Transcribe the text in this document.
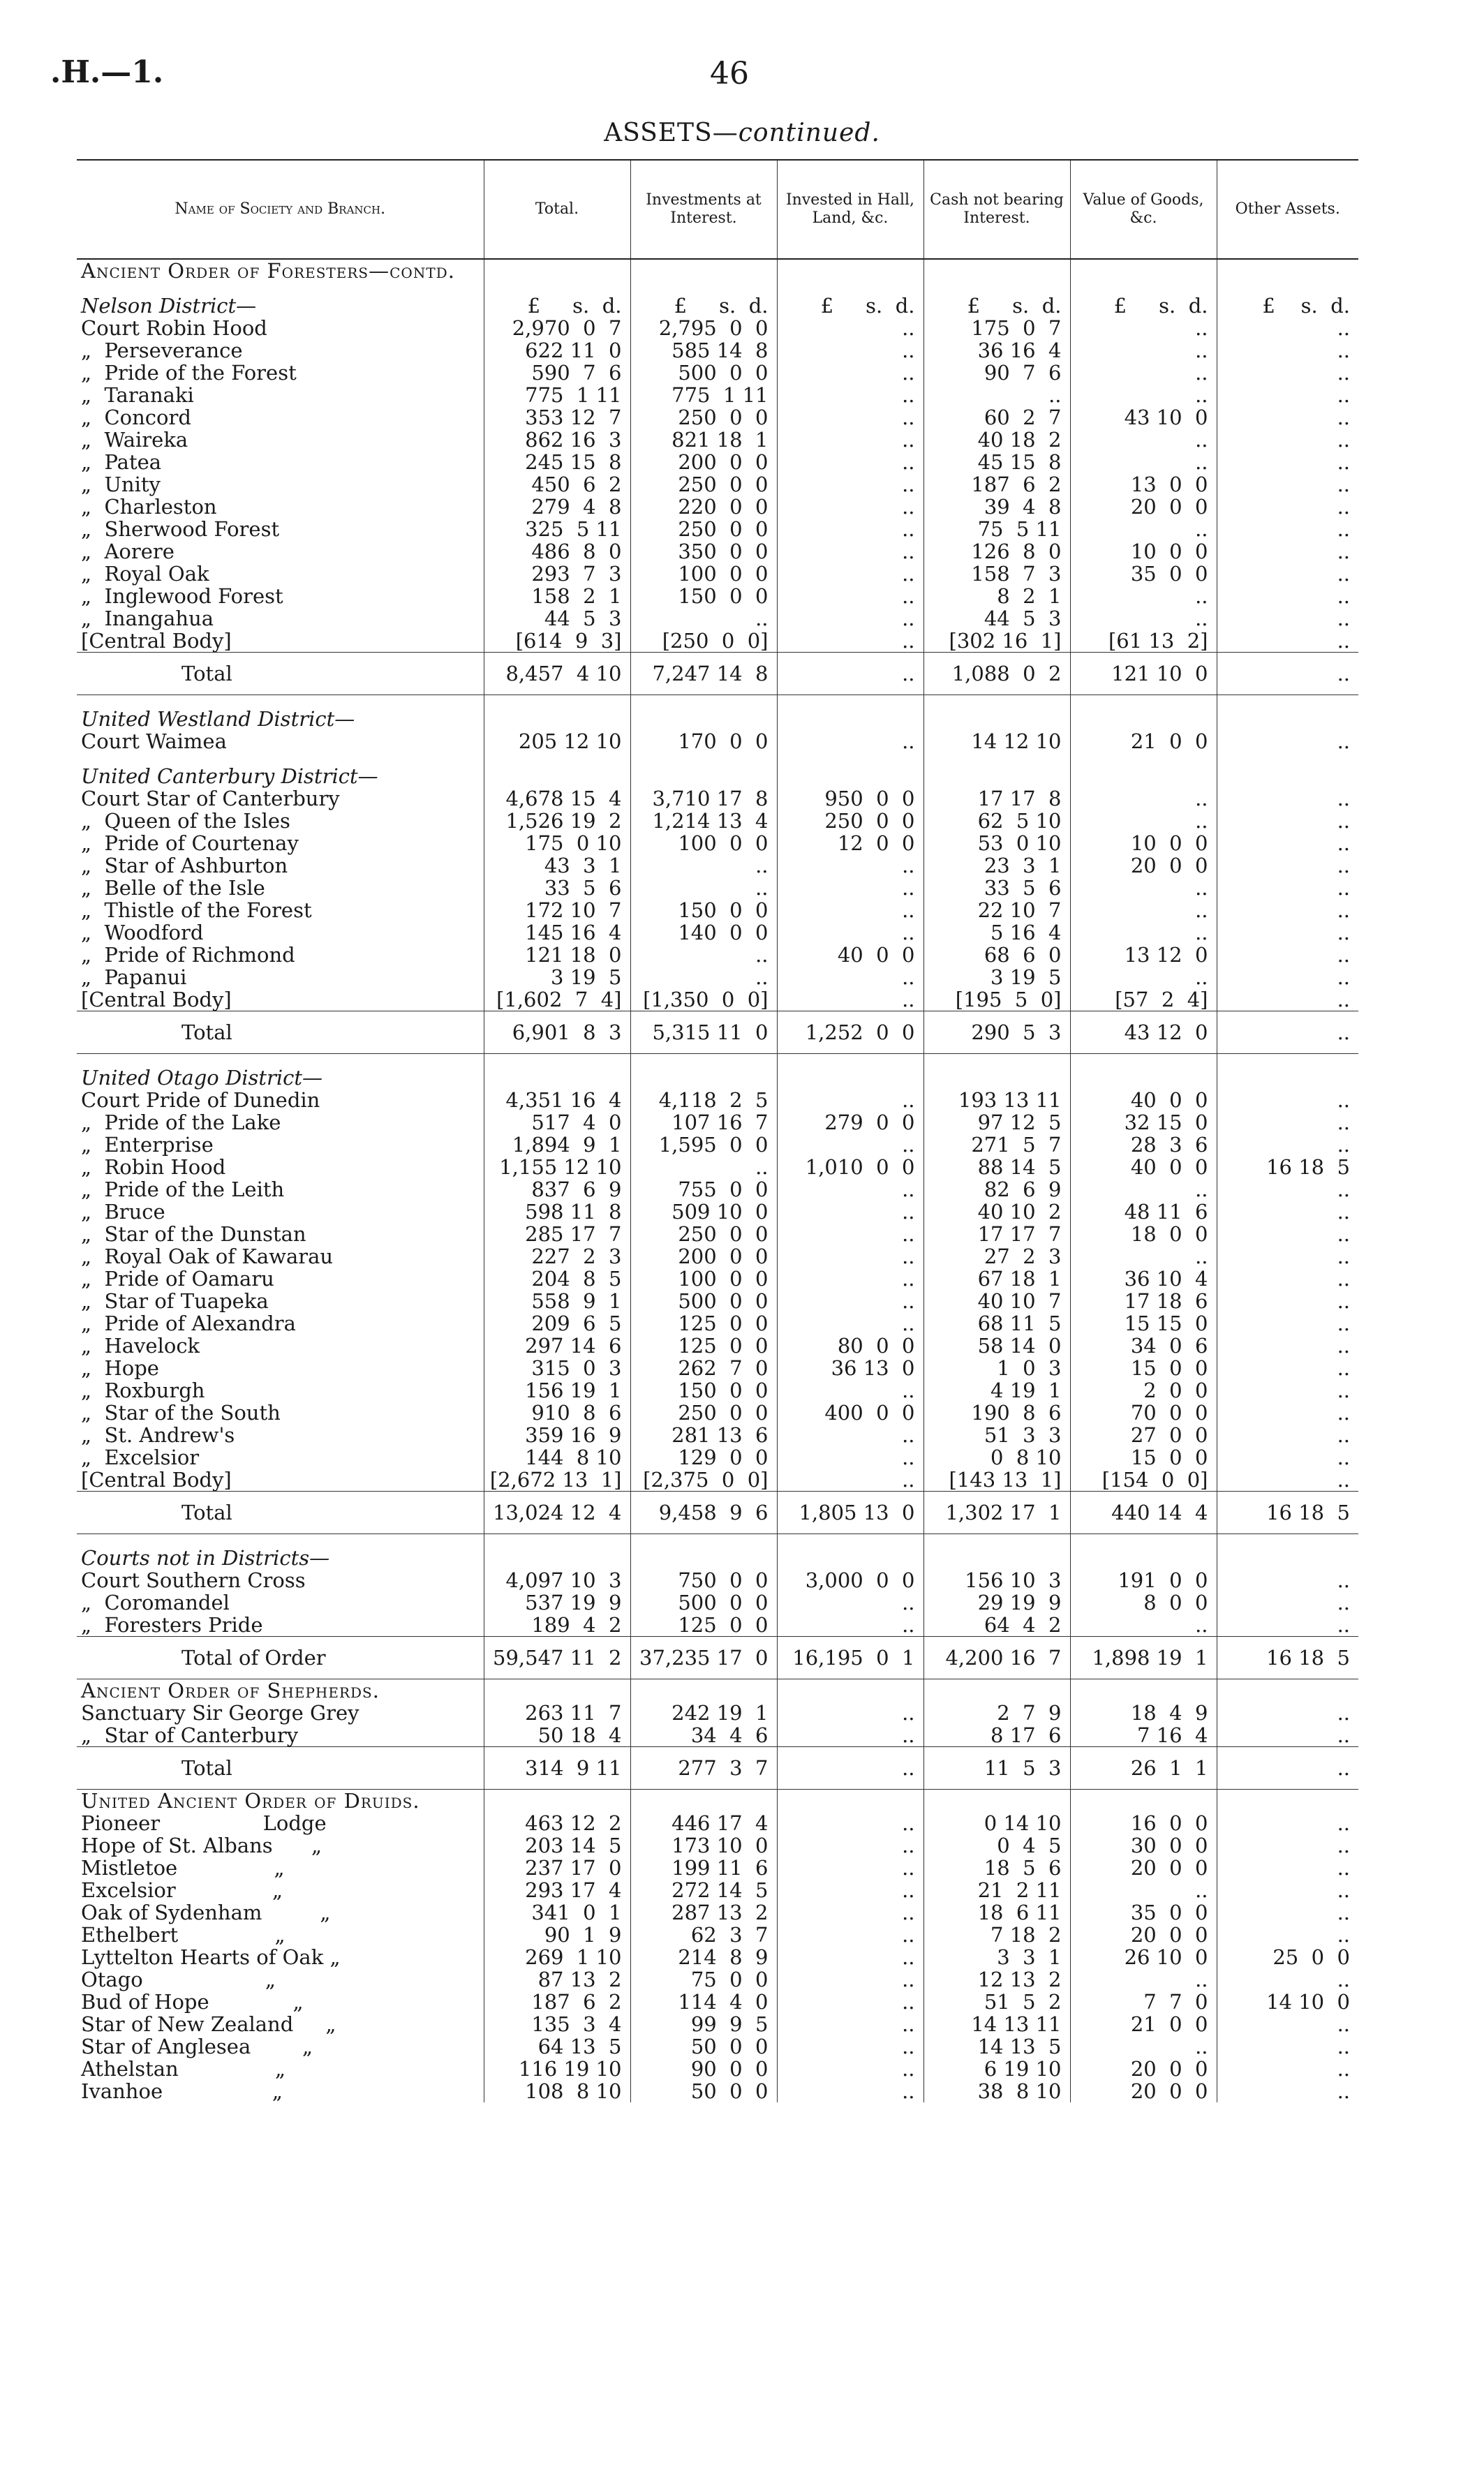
.H.—1.	46
ASSETS—continued.
Name of Society and Branch.	Total.	Investments at Interest.	Invested in Hall, Land, &c.	Cash not bearing Interest.	Value of Goods, &c.	Other Assets.
Ancient Order of Foresters—contd.						
Nelson District—	£     s.  d.	£     s.  d.	£     s.  d.	£     s.  d.	£     s.  d.	£    s.  d.
Court Robin Hood	2,970  0  7	2,795  0  0	..	175  0  7	..	..
„  Perseverance	622 11  0	585 14  8	..	36 16  4	..	..
„  Pride of the Forest	590  7  6	500  0  0	..	90  7  6	..	..
„  Taranaki	775  1 11	775  1 11	..	..	..	..
„  Concord	353 12  7	250  0  0	..	60  2  7	43 10  0	..
„  Waireka	862 16  3	821 18  1	..	40 18  2	..	..
„  Patea	245 15  8	200  0  0	..	45 15  8	..	..
„  Unity	450  6  2	250  0  0	..	187  6  2	13  0  0	..
„  Charleston	279  4  8	220  0  0	..	39  4  8	20  0  0	..
„  Sherwood Forest	325  5 11	250  0  0	..	75  5 11	..	..
„  Aorere	486  8  0	350  0  0	..	126  8  0	10  0  0	..
„  Royal Oak	293  7  3	100  0  0	..	158  7  3	35  0  0	..
„  Inglewood Forest	158  2  1	150  0  0	..	8  2  1	..	..
„  Inangahua	44  5  3	..	..	44  5  3	..	..
[Central Body]	[614  9  3]	[250  0  0]	..	[302 16  1]	[61 13  2]	..
Total	8,457  4 10	7,247 14  8	..	1,088  0  2	121 10  0	..
United Westland District—						
Court Waimea	205 12 10	170  0  0	..	14 12 10	21  0  0	..
United Canterbury District—						
Court Star of Canterbury	4,678 15  4	3,710 17  8	950  0  0	17 17  8	..	..
„  Queen of the Isles	1,526 19  2	1,214 13  4	250  0  0	62  5 10	..	..
„  Pride of Courtenay	175  0 10	100  0  0	12  0  0	53  0 10	10  0  0	..
„  Star of Ashburton	43  3  1	..	..	23  3  1	20  0  0	..
„  Belle of the Isle	33  5  6	..	..	33  5  6	..	..
„  Thistle of the Forest	172 10  7	150  0  0	..	22 10  7	..	..
„  Woodford	145 16  4	140  0  0	..	5 16  4	..	..
„  Pride of Richmond	121 18  0	..	40  0  0	68  6  0	13 12  0	..
„  Papanui	3 19  5	..	..	3 19  5	..	..
[Central Body]	[1,602  7  4]	[1,350  0  0]	..	[195  5  0]	[57  2  4]	..
Total	6,901  8  3	5,315 11  0	1,252  0  0	290  5  3	43 12  0	..
United Otago District—						
Court Pride of Dunedin	4,351 16  4	4,118  2  5	..	193 13 11	40  0  0	..
„  Pride of the Lake	517  4  0	107 16  7	279  0  0	97 12  5	32 15  0	..
„  Enterprise	1,894  9  1	1,595  0  0	..	271  5  7	28  3  6	..
„  Robin Hood	1,155 12 10	..	1,010  0  0	88 14  5	40  0  0	16 18  5
„  Pride of the Leith	837  6  9	755  0  0	..	82  6  9	..	..
„  Bruce	598 11  8	509 10  0	..	40 10  2	48 11  6	..
„  Star of the Dunstan	285 17  7	250  0  0	..	17 17  7	18  0  0	..
„  Royal Oak of Kawarau	227  2  3	200  0  0	..	27  2  3	..	..
„  Pride of Oamaru	204  8  5	100  0  0	..	67 18  1	36 10  4	..
„  Star of Tuapeka	558  9  1	500  0  0	..	40 10  7	17 18  6	..
„  Pride of Alexandra	209  6  5	125  0  0	..	68 11  5	15 15  0	..
„  Havelock	297 14  6	125  0  0	80  0  0	58 14  0	34  0  6	..
„  Hope	315  0  3	262  7  0	36 13  0	1  0  3	15  0  0	..
„  Roxburgh	156 19  1	150  0  0	..	4 19  1	2  0  0	..
„  Star of the South	910  8  6	250  0  0	400  0  0	190  8  6	70  0  0	..
„  St. Andrew's	359 16  9	281 13  6	..	51  3  3	27  0  0	..
„  Excelsior	144  8 10	129  0  0	..	0  8 10	15  0  0	..
[Central Body]	[2,672 13  1]	[2,375  0  0]	..	[143 13  1]	[154  0  0]	..
Total	13,024 12  4	9,458  9  6	1,805 13  0	1,302 17  1	440 14  4	16 18  5
Courts not in Districts—						
Court Southern Cross	4,097 10  3	750  0  0	3,000  0  0	156 10  3	191  0  0	..
„  Coromandel	537 19  9	500  0  0	..	29 19  9	8  0  0	..
„  Foresters Pride	189  4  2	125  0  0	..	64  4  2	..	..
Total of Order	59,547 11  2	37,235 17  0	16,195  0  1	4,200 16  7	1,898 19  1	16 18  5
Ancient Order of Shepherds.						
Sanctuary Sir George Grey	263 11  7	242 19  1	..	2  7  9	18  4  9	..
„  Star of Canterbury	50 18  4	34  4  6	..	8 17  6	7 16  4	..
Total	314  9 11	277  3  7	..	11  5  3	26  1  1	..
United Ancient Order of Druids.						
Pioneer                Lodge	463 12  2	446 17  4	..	0 14 10	16  0  0	..
Hope of St. Albans      „	203 14  5	173 10  0	..	0  4  5	30  0  0	..
Mistletoe               „	237 17  0	199 11  6	..	18  5  6	20  0  0	..
Excelsior               „	293 17  4	272 14  5	..	21  2 11	..	..
Oak of Sydenham         „	341  0  1	287 13  2	..	18  6 11	35  0  0	..
Ethelbert               „	90  1  9	62  3  7	..	7 18  2	20  0  0	..
Lyttelton Hearts of Oak „	269  1 10	214  8  9	..	3  3  1	26 10  0	25  0  0
Otago                   „	87 13  2	75  0  0	..	12 13  2	..	..
Bud of Hope             „	187  6  2	114  4  0	..	51  5  2	7  7  0	14 10  0
Star of New Zealand     „	135  3  4	99  9  5	..	14 13 11	21  0  0	..
Star of Anglesea        „	64 13  5	50  0  0	..	14 13  5	..	..
Athelstan               „	116 19 10	90  0  0	..	6 19 10	20  0  0	..
Ivanhoe                 „	108  8 10	50  0  0	..	38  8 10	20  0  0	..
